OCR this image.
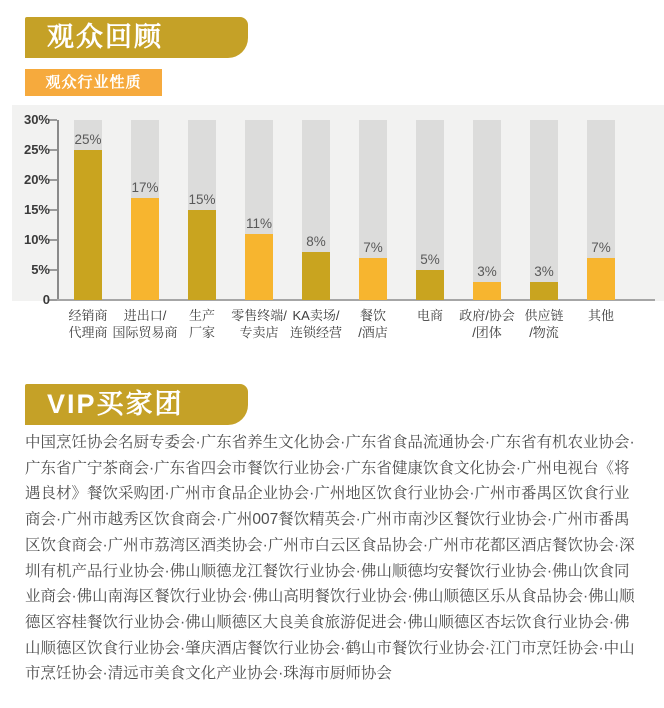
观众回顾
观众行业性质
30%
25%
20%
15%
10%
5%
0
25%
经销商
代理商
17%
进出口/
国际贸易商
15%
生产
厂家
11%
零售终端/
专卖店
8%
KA卖场/
连锁经营
7%
餐饮
/酒店
5%
电商
3%
政府/协会
/团体
3%
供应链
/物流
7%
其他
VIP买家团
中国烹饪协会名厨专委会·广东省养生文化协会·广东省食品流通协会·广东省有机农业协会·广东省广宁茶商会·广东省四会市餐饮行业协会·广东省健康饮食文化协会·广州电视台《将遇良材》餐饮采购团·广州市食品企业协会·广州地区饮食行业协会·广州市番禺区饮食行业商会·广州市越秀区饮食商会·广州007餐饮精英会·广州市南沙区餐饮行业协会·广州市番禺区饮食商会·广州市荔湾区酒类协会·广州市白云区食品协会·广州市花都区酒店餐饮协会·深圳有机产品行业协会·佛山顺德龙江餐饮行业协会·佛山顺德均安餐饮行业协会·佛山饮食同业商会·佛山南海区餐饮行业协会·佛山高明餐饮行业协会·佛山顺德区乐从食品协会·佛山顺德区容桂餐饮行业协会·佛山顺德区大良美食旅游促进会·佛山顺德区杏坛饮食行业协会·佛山顺德区饮食行业协会·肇庆酒店餐饮行业协会·鹤山市餐饮行业协会·江门市烹饪协会·中山市烹饪协会·清远市美食文化产业协会·珠海市厨师协会
